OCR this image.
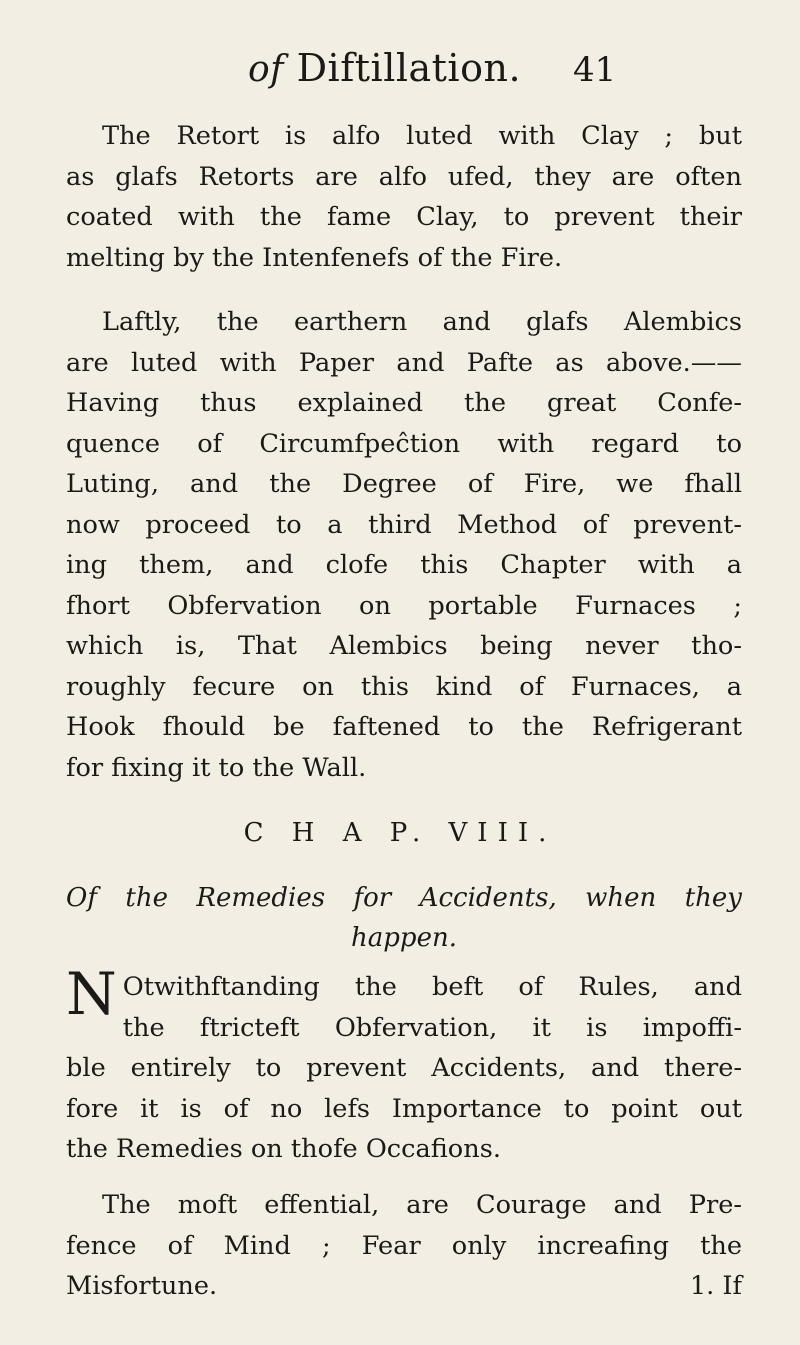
of Diftillation. 41

The Retort is alfo luted with Clay ; but
as glafs Retorts are alfo ufed, they are often
coated with the fame Clay, to prevent their
melting by the Intenfenefs of the Fire.

Laftly, the earthern and glafs Alembics
are luted with Paper and Pafte as above.——
Having thus explained the great Confe-
quence of Circumfpeĉtion with regard to
Luting, and the Degree of Fire, we fhall
now proceed to a third Method of prevent-
ing them, and clofe this Chapter with a
fhort Obfervation on portable Furnaces ;
which is, That Alembics being never tho-
roughly fecure on this kind of Furnaces, a
Hook fhould be faftened to the Refrigerant
for fixing it to the Wall.

C H A P. VIII.
Of the Remedies for Accidents, when they
happen.
N Otwithftanding the beft of Rules, and
the ftricteft Obfervation, it is impoffi-
ble entirely to prevent Accidents, and there-
fore it is of no lefs Importance to point out
the Remedies on thofe Occafions.
The moft effential, are Courage and Pre-
fence of Mind ; Fear only increafing the
Misfortune.	1. If
